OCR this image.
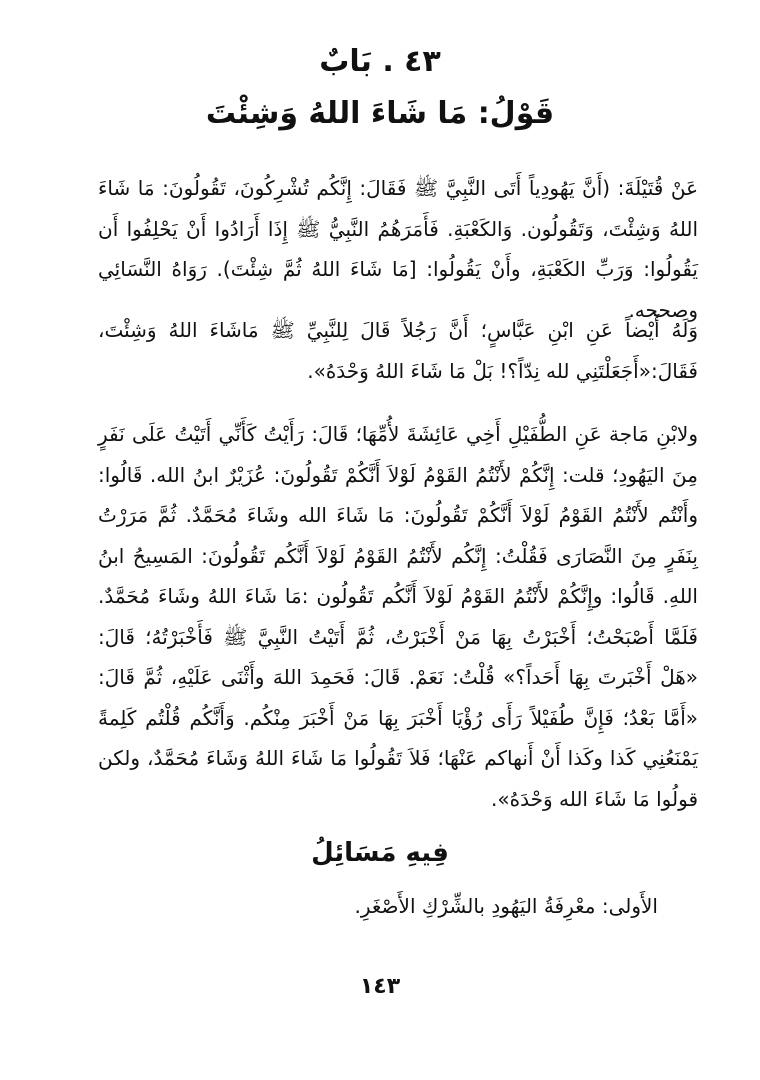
٤٣ . بَابٌ
قَوْلُ: مَا شَاءَ اللهُ وَشِئْتَ

عَنْ قُتَيْلَةَ: (أَنَّ يَهُودِياً أَتَى النَّبِيَّ ﷺ فَقَالَ: إِنَّكُم تُشْرِكُونَ، تَقُولُونَ: مَا شَاءَ اللهُ وَشِئْتَ، وَتَقُولُون. وَالكَعْبَةِ. فَأَمَرَهُمُ النَّبِيُّ ﷺ إِذَا أَرَادُوا أَنْ يَحْلِفُوا أَن يَقُولُوا: وَرَبِّ الكَعْبَةِ، وأَنْ يَقُولُوا: [مَا شَاءَ اللهُ ثُمَّ شِئْتَ). رَوَاهُ النَّسَائِي وصححه.

وَلَهُ أَيْضاً عَنِ ابْنِ عَبَّاسٍ؛ أَنَّ رَجُلاً قَالَ لِلنَّبِيِّ ﷺ مَاشَاءَ اللهُ وَشِئْتَ، فَقَالَ:«أَجَعَلْتَنِي لله نِدّاً؟! بَلْ مَا شَاءَ اللهُ وَحْدَهُ».

ولابْنِ مَاجة عَنِ الطُّفَيْلِ أَخِي عَائِشَةَ لأُمِّهَا؛ قَالَ: رَأَيْتُ كَأَنِّي أَتَيْتُ عَلَى نَفَرٍ مِنَ اليَهُودِ؛ قلت: إِنَّكُمْ لأَنْتُمُ القَوْمُ لَوْلاَ أَنَّكُمْ تَقُولُونَ: عُزَيْرٌ ابنُ الله. قَالُوا: وأَنْتُم لأَنْتُمُ القَوْمُ لَوْلاَ أَنَّكُمْ تَقُولُونَ: مَا شَاءَ الله وشَاءَ مُحَمَّدٌ. ثُمَّ مَرَرْتُ بِنَفَرٍ مِنَ النَّصَارَى فَقُلْتُ: إِنَّكُم لأَنْتُمُ القَوْمُ لَوْلاَ أَنَّكُم تَقُولُونَ: المَسِيحُ ابنُ اللهِ. قَالُوا: وإِنَّكُمْ لأَنْتُمُ القَوْمُ لَوْلاَ أَنَّكُم تَقُولُون :مَا شَاءَ اللهُ وشَاءَ مُحَمَّدٌ. فَلَمَّا أَصْبَحْتُ؛ أَخْبَرْتُ بِهَا مَنْ أَخْبَرْتُ، ثُمَّ أَتَيْتُ النَّبِيَّ ﷺ فَأَخْبَرْتُهُ؛ قَالَ: «هَلْ أَخْبَرتَ بِهَا أَحَداً؟» قُلْتُ: نَعَمْ. قَالَ: فَحَمِدَ اللهَ وأَثْنَى عَلَيْهِ، ثُمَّ قَالَ: «أَمَّا بَعْدُ؛ فَإِنَّ طُفَيْلاً رَأَى رُؤْيَا أَخْبَرَ بِهَا مَنْ أَخْبَرَ مِنْكُم. وَأَنَّكُم قُلْتُم كَلِمةً يَمْنَعُنِي كَذا وكَذا أَنْ أَنهاكم عَنْهَا؛ فَلاَ تَقُولُوا مَا شَاءَ اللهُ وَشَاءَ مُحَمَّدٌ، ولكن قولُوا مَا شَاءَ الله وَحْدَهُ».

فِيهِ مَسَائِلُ
الأَولى: معْرِفَةُ اليَهُودِ بالشِّرْكِ الأَصْغَرِ.
١٤٣
